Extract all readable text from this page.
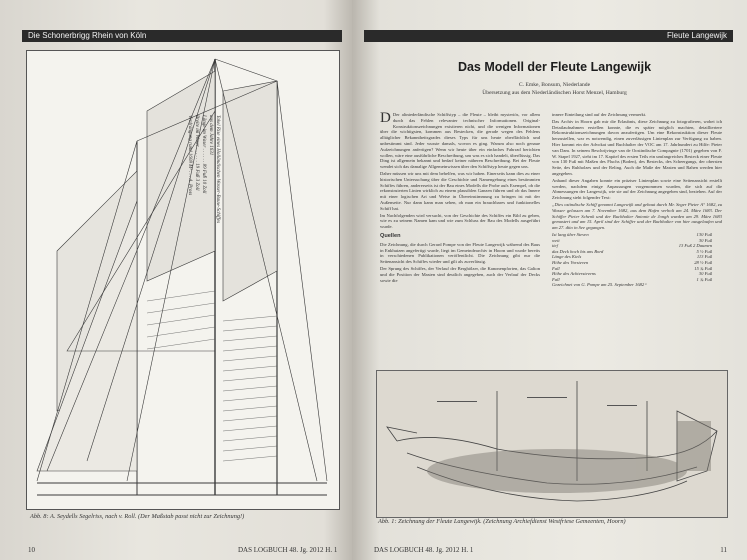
Die Schonerbrigg Rhein von Köln
Takel Rise eines Holländischen Wasser-Bauw-Schiffes
aus dem Jahre 1631
Länge im Waser . . . . . . 89 Fuß 10 Zoll
Breite im Waser . . . . . . 19 Fuß 3 Zoll
Verdrängung rund 1608 M³ . . . A. Pross
Abb. 8: A. Seydells Segelriss, nach v. Roll. (Der Maßstab passt nicht zur Zeichnung!)
10	DAS LOGBUCH 48. Jg. 2012 H. 1
Fleute Langewijk
Das Modell der Fleute Langewijk
C. Emke, Bonsum, Niederlande
Übersetzung aus dem Niederländischen Horst Menzel, Hamburg

D Der altniederländische Schiffstyp – die Fleute – bleibt mysteriös, vor allem durch das Fehlen relevanter technischer Informationen. Original- Konstruktionszeichnungen existieren nicht, und die wenigen Informationen über die wichtigsten, kommen aus Bestecken, die gerade wegen des Fehlens alltäglicher Bekanntheitsgrades dieses Typs für uns heute oberflächlich und unbestimmt sind. Jeder wusste damals, wovon es ging. Warum also noch genaue Aufzeichnungen anfertigen? Wenn wir heute über ein einfaches Fahrrad berichten wollen, wäre eine ausführliche Beschreibung, um was es sich handelt, überflüssig. Das Ding ist allgemein bekannt und bedarf keiner näheren Beschreibung. Bei der Fleute wendet sich das damalige Allgemeinwissen über den Schiffstyp heute gegen uns.

Daher müssen wir uns mit dem behelfen, was wir haben. Einerseits kann dies zu einer historischen Untersuchung über die Geschichte und Namengebung eines bestimmten Schiffes führen, andererseits ist der Bau eines Modells die Probe aufs Exempel, ob die rekonstruierten Linien wirklich zu einem plausiblen Ganzen führen und ob das Innere mit einer logischen Art und Weise in Übereinstimmung zu bringen ist mit der Außenseite. Nur dann kann man sehen, ob man ein brauchbares und funktionelles Schiff hat.

Im Nachfolgenden wird versucht, von der Geschichte des Schiffes ein Bild zu geben, wie es zu seinem Namen kam und wie zum Schluss der Bau des Modells ausgeführt wurde.

Quellen

Die Zeichnung, die durch Gerard Pompe von der Fleute Langewijk während des Baus in Enkhuizen angefertigt wurde, liegt im Gemeindearchiv in Hoorn und wurde bereits in verschiedenen Publikationen veröffentlicht. Die Zeichnung gibt nur die Seitenansicht des Schiffes wieder und gilt als zuverlässig.

Der Sprung des Schiffes, der Verlauf der Berghölzer, die Kanonenpforten, das Galion und die Position der Masten sind deutlich angegeben, auch der Verlauf der Decks sowie die

innere Einteilung sind auf der Zeichnung vermerkt.

Das Archiv in Hoorn gab mir die Erlaubnis, diese Zeichnung zu fotografieren, wobei ich Detailaufnahmen erstellen konnte, die es später möglich machten, detailliertere Rekonstruktionszeichnungen davon anzufertigen. Um eine Rekonstruktion dieser Fleute herzustellen, war es notwendig, einen zuverlässigen Linienplan zur Verfügung zu haben. Hier kommt ein der Advokat und Buchhalter der VOC am 17. Jahrhundert zu Hilfe: Pieter van Dam. In seinem Beschrijvinge van de Oostindische Compagnie (1701) gegeben von F. W. Stapel 1927, sieht im 17. Kapitel des ersten Teils ein umfangreiches Besteck einer Fleute von 130 Fuß mit Maßen des Fluchs (Boden), des Bestecks, des Scheergangs, der obersten Seite, des Ruhholzes und der Reling. Auch die Maße der Masten und Rahen werden hier angegeben.

Anhand dieser Angaben konnte ein präziser Linienplan sowie eine Seitenansicht erstellt werden, nachdem einige Anpassungen vorgenommen wurden, die sich auf die Abmessungen der Langewijk, wie sie auf der Zeichnung angegeben sind, beziehen. Auf der Zeichnung steht folgender Text:

„Dies ostindische Schiff genannt Langewijk und gebaut durch Mr. Seger Pieter A° 1682, zu Wasser gelassen am 7. November 1682, aus dem Hafen verholt am 24. März 1683. Der Schiffer Pieter Schenk und der Buchhalter Antonie de Jongh wurden am 29. März 1683 gemustert und am 15. April sind der Schiffer und der Buchhalter von hier ausgelaufen und am 27. dito in See gegangen.

Ist lang über Steven	130 Fuß
weit	30 Fuß
tief	13 Fuß 2 Daumen
das Deck hoch bis ans Bord	5 ½ Fuß
Länge des Kiels	113 Fuß
Höhe des Vorsteven	28 ½ Fuß
Fall	15 ¾ Fuß
Höhe des Achterstevens	30 Fuß
Fall	1 ¾ Fuß

Gezeichnet von G. Pompe am 25. September 1682“

Abb. 1: Zeichnung der Fleute Langewijk. (Zeichnung Archiefdienst Westfriese Gemeenten, Hoorn)
DAS LOGBUCH 48. Jg. 2012 H. 1	11
